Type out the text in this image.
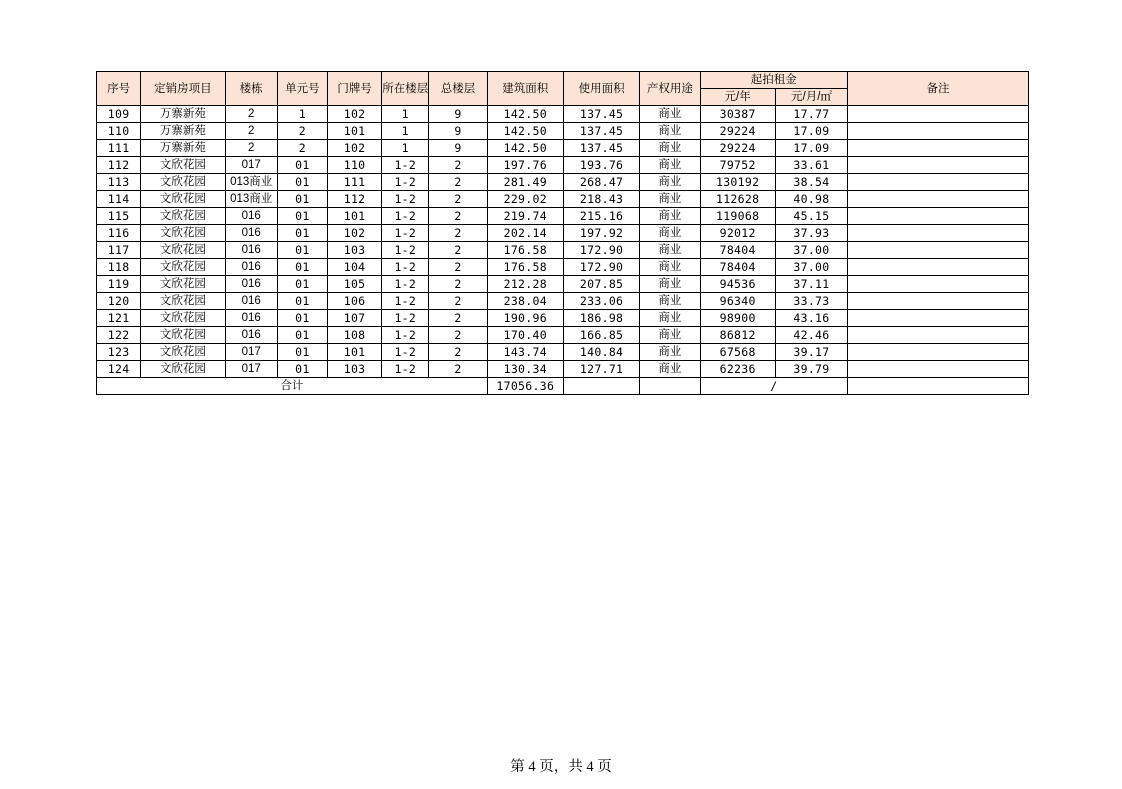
序号	定销房项目	楼栋	单元号	门牌号	所在楼层	总楼层	建筑面积	使用面积	产权用途	起拍租金		备注
										元/年	元/月/㎡	
109	万寨新苑	2	1	102	1	9	142.50	137.45	商业	30387	17.77	
110	万寨新苑	2	2	101	1	9	142.50	137.45	商业	29224	17.09	
111	万寨新苑	2	2	102	1	9	142.50	137.45	商业	29224	17.09	
112	文欣花园	017	01	110	1-2	2	197.76	193.76	商业	79752	33.61	
113	文欣花园	013商业	01	111	1-2	2	281.49	268.47	商业	130192	38.54	
114	文欣花园	013商业	01	112	1-2	2	229.02	218.43	商业	112628	40.98	
115	文欣花园	016	01	101	1-2	2	219.74	215.16	商业	119068	45.15	
116	文欣花园	016	01	102	1-2	2	202.14	197.92	商业	92012	37.93	
117	文欣花园	016	01	103	1-2	2	176.58	172.90	商业	78404	37.00	
118	文欣花园	016	01	104	1-2	2	176.58	172.90	商业	78404	37.00	
119	文欣花园	016	01	105	1-2	2	212.28	207.85	商业	94536	37.11	
120	文欣花园	016	01	106	1-2	2	238.04	233.06	商业	96340	33.73	
121	文欣花园	016	01	107	1-2	2	190.96	186.98	商业	98900	43.16	
122	文欣花园	016	01	108	1-2	2	170.40	166.85	商业	86812	42.46	
123	文欣花园	017	01	101	1-2	2	143.74	140.84	商业	67568	39.17	
124	文欣花园	017	01	103	1-2	2	130.34	127.71	商业	62236	39.79	
合计							17056.36			/		
第 4 页，共 4 页
